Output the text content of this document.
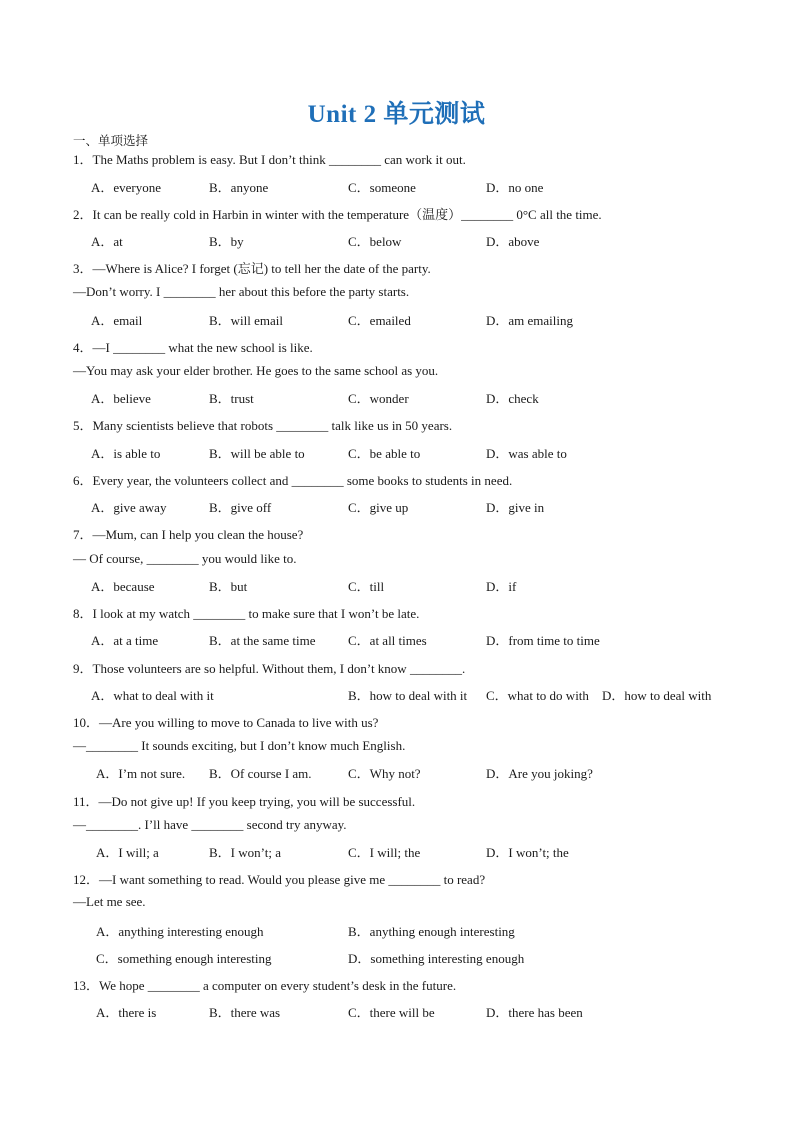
Unit 2 单元测试
一、单项选择
1．The Maths problem is easy. But I don’t think ________ can work it out.
A．everyone	B．anyone	C．someone	D．no one
2．It can be really cold in Harbin in winter with the temperature（温度）________ 0°C all the time.
A．at	B．by	C．below	D．above
3．—Where is Alice? I forget (忘记) to tell her the date of the party.
—Don’t worry. I ________ her about this before the party starts.
A．email	B．will email	C．emailed	D．am emailing
4．—I ________ what the new school is like.
—You may ask your elder brother. He goes to the same school as you.
A．believe	B．trust	C．wonder	D．check
5．Many scientists believe that robots ________ talk like us in 50 years.
A．is able to	B．will be able to	C．be able to	D．was able to
6．Every year, the volunteers collect and ________ some books to students in need.
A．give away	B．give off	C．give up	D．give in
7．—Mum, can I help you clean the house?
— Of course, ________ you would like to.
A．because	B．but	C．till	D．if
8．I look at my watch ________ to make sure that I won’t be late.
A．at a time	B．at the same time C．at all times	D．from time to time
9．Those volunteers are so helpful. Without them, I don’t know ________.
A．what to deal with it	B．how to deal with it C．what to do with D．how to deal with
10．—Are you willing to move to Canada to live with us?
—________ It sounds exciting, but I don’t know much English.
A．I’m not sure. B．Of course I am.	C．Why not?	D．Are you joking?
11．—Do not give up! If you keep trying, you will be successful.
—________. I’ll have ________ second try anyway.
A．I will; a	B．I won’t; a	C．I will; the	D．I won’t; the
12．—I want something to read. Would you please give me ________ to read?
—Let me see.
A．anything interesting enough	B．anything enough interesting
C．something enough interesting	D．something interesting enough
13．We hope ________ a computer on every student’s desk in the future.
A．there is	B．there was	C．there will be	D．there has been
